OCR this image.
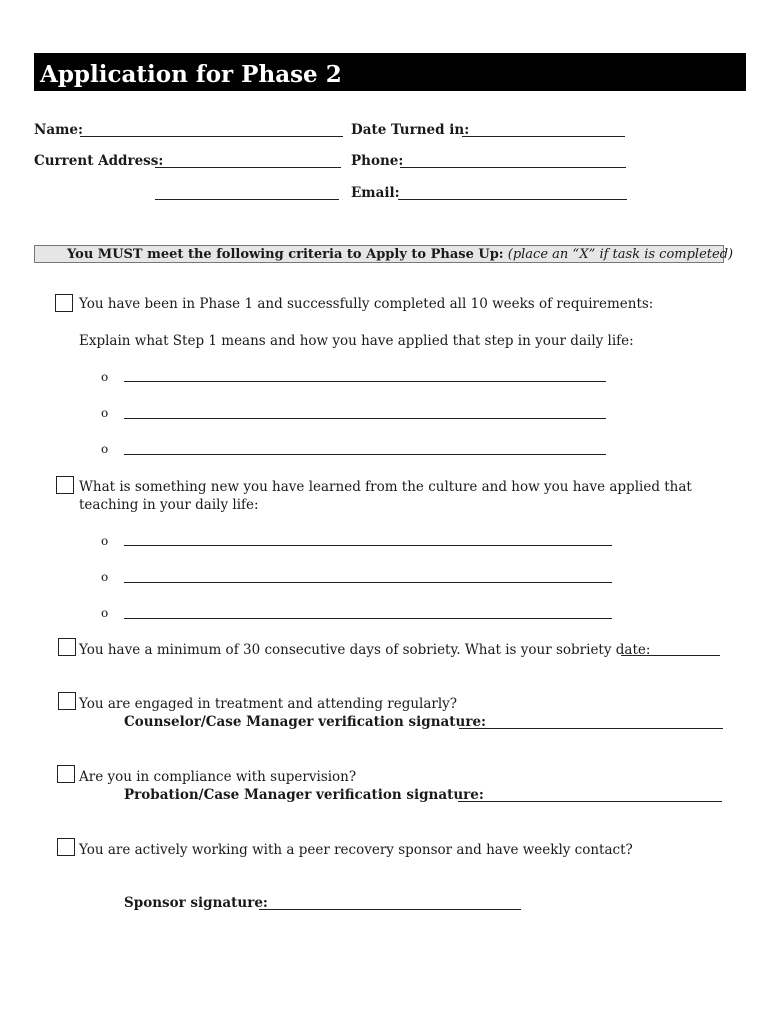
Application for Phase 2
Name:	Date Turned in:
Current Address:	Phone:
Email:
You MUST meet the following criteria to Apply to Phase Up: (place an “X” if task is completed)
You have been in Phase 1 and successfully completed all 10 weeks of requirements:
Explain what Step 1 means and how you have applied that step in your daily life:
o
o
o
What is something new you have learned from the culture and how you have applied that teaching in your daily life:
o
o
o
You have a minimum of 30 consecutive days of sobriety. What is your sobriety date:
You are engaged in treatment and attending regularly?
Counselor/Case Manager verification signature:
Are you in compliance with supervision?
Probation/Case Manager verification signature:
You are actively working with a peer recovery sponsor and have weekly contact?
Sponsor signature:
